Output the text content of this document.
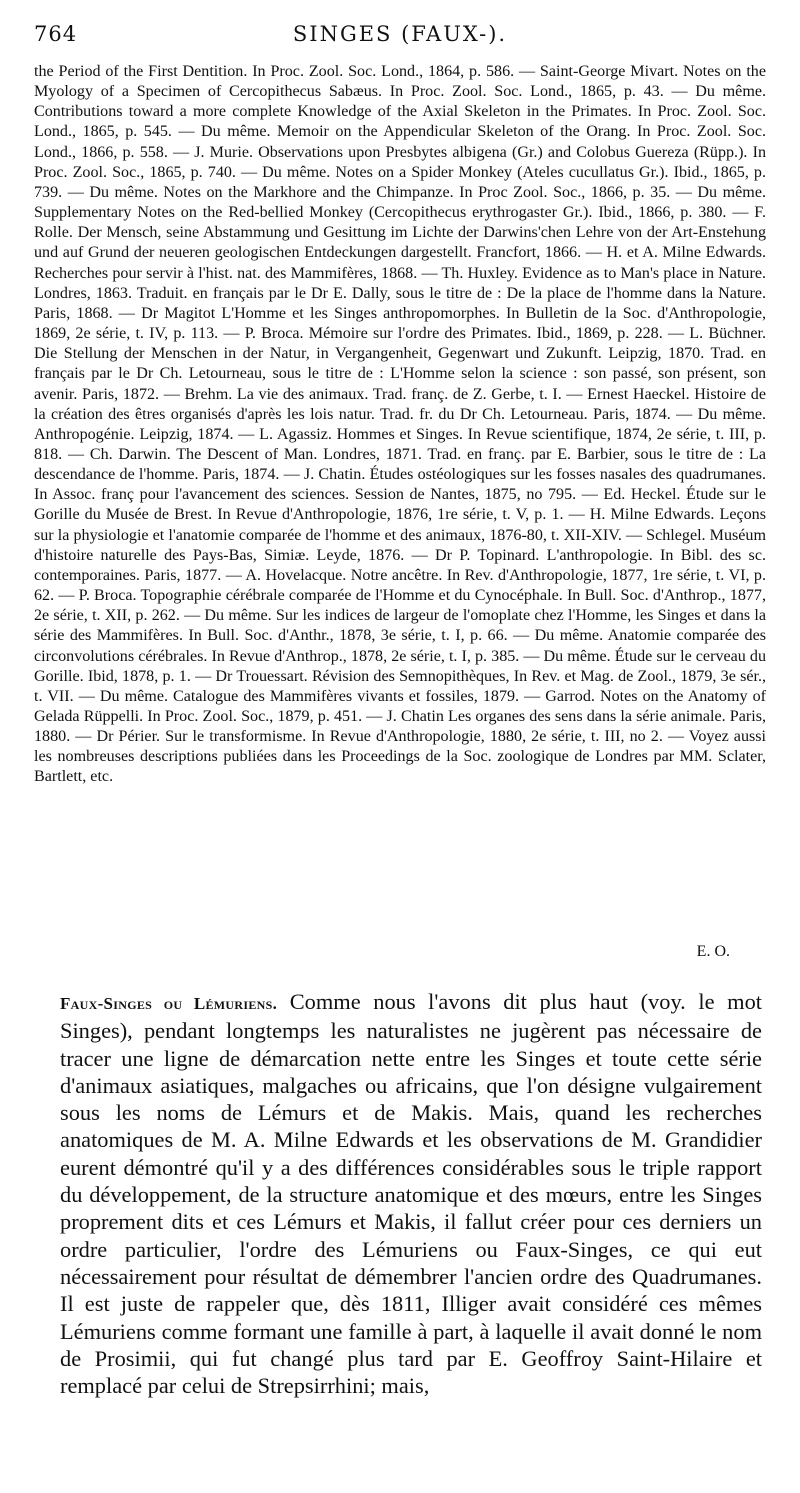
764	SINGES (FAUX-).

the Period of the First Dentition. In Proc. Zool. Soc. Lond., 1864, p. 586. — Saint-George Mivart. Notes on the Myology of a Specimen of Cercopithecus Sabæus. In Proc. Zool. Soc. Lond., 1865, p. 43. — Du même. Contributions toward a more complete Knowledge of the Axial Skeleton in the Primates. In Proc. Zool. Soc. Lond., 1865, p. 545. — Du même. Memoir on the Appendicular Skeleton of the Orang. In Proc. Zool. Soc. Lond., 1866, p. 558. — J. Murie. Observations upon Presbytes albigena (Gr.) and Colobus Guereza (Rüpp.). In Proc. Zool. Soc., 1865, p. 740. — Du même. Notes on a Spider Monkey (Ateles cucullatus Gr.). Ibid., 1865, p. 739. — Du même. Notes on the Markhore and the Chimpanze. In Proc Zool. Soc., 1866, p. 35. — Du même. Supplementary Notes on the Red-bellied Monkey (Cercopithecus erythrogaster Gr.). Ibid., 1866, p. 380. — F. Rolle. Der Mensch, seine Abstammung und Gesittung im Lichte der Darwins'chen Lehre von der Art-Enstehung und auf Grund der neueren geologischen Entdeckungen dargestellt. Francfort, 1866. — H. et A. Milne Edwards. Recherches pour servir à l'hist. nat. des Mammifères, 1868. — Th. Huxley. Evidence as to Man's place in Nature. Londres, 1863. Traduit. en français par le Dr E. Dally, sous le titre de : De la place de l'homme dans la Nature. Paris, 1868. — Dr Magitot L'Homme et les Singes anthropomorphes. In Bulletin de la Soc. d'Anthropologie, 1869, 2e série, t. IV, p. 113. — P. Broca. Mémoire sur l'ordre des Primates. Ibid., 1869, p. 228. — L. Büchner. Die Stellung der Menschen in der Natur, in Vergangenheit, Gegenwart und Zukunft. Leipzig, 1870. Trad. en français par le Dr Ch. Letourneau, sous le titre de : L'Homme selon la science : son passé, son présent, son avenir. Paris, 1872. — Brehm. La vie des animaux. Trad. franç. de Z. Gerbe, t. I. — Ernest Haeckel. Histoire de la création des êtres organisés d'après les lois natur. Trad. fr. du Dr Ch. Letourneau. Paris, 1874. — Du même. Anthropogénie. Leipzig, 1874. — L. Agassiz. Hommes et Singes. In Revue scientifique, 1874, 2e série, t. III, p. 818. — Ch. Darwin. The Descent of Man. Londres, 1871. Trad. en franç. par E. Barbier, sous le titre de : La descendance de l'homme. Paris, 1874. — J. Chatin. Études ostéologiques sur les fosses nasales des quadrumanes. In Assoc. franç pour l'avancement des sciences. Session de Nantes, 1875, no 795. — Ed. Heckel. Étude sur le Gorille du Musée de Brest. In Revue d'Anthropologie, 1876, 1re série, t. V, p. 1. — H. Milne Edwards. Leçons sur la physiologie et l'anatomie comparée de l'homme et des animaux, 1876-80, t. XII-XIV. — Schlegel. Muséum d'histoire naturelle des Pays-Bas, Simiæ. Leyde, 1876. — Dr P. Topinard. L'anthropologie. In Bibl. des sc. contemporaines. Paris, 1877. — A. Hovelacque. Notre ancêtre. In Rev. d'Anthropologie, 1877, 1re série, t. VI, p. 62. — P. Broca. Topographie cérébrale comparée de l'Homme et du Cynocéphale. In Bull. Soc. d'Anthrop., 1877, 2e série, t. XII, p. 262. — Du même. Sur les indices de largeur de l'omoplate chez l'Homme, les Singes et dans la série des Mammifères. In Bull. Soc. d'Anthr., 1878, 3e série, t. I, p. 66. — Du même. Anatomie comparée des circonvolutions cérébrales. In Revue d'Anthrop., 1878, 2e série, t. I, p. 385. — Du même. Étude sur le cerveau du Gorille. Ibid, 1878, p. 1. — Dr Trouessart. Révision des Semnopithèques, In Rev. et Mag. de Zool., 1879, 3e sér., t. VII. — Du même. Catalogue des Mammifères vivants et fossiles, 1879. — Garrod. Notes on the Anatomy of Gelada Rüppelli. In Proc. Zool. Soc., 1879, p. 451. — J. Chatin Les organes des sens dans la série animale. Paris, 1880. — Dr Périer. Sur le transformisme. In Revue d'Anthropologie, 1880, 2e série, t. III, no 2. — Voyez aussi les nombreuses descriptions publiées dans les Proceedings de la Soc. zoologique de Londres par MM. Sclater, Bartlett, etc.

E. O.

Faux-Singes ou Lémuriens. Comme nous l'avons dit plus haut (voy. le mot Singes), pendant longtemps les naturalistes ne jugèrent pas nécessaire de tracer une ligne de démarcation nette entre les Singes et toute cette série d'animaux asiatiques, malgaches ou africains, que l'on désigne vulgairement sous les noms de Lémurs et de Makis. Mais, quand les recherches anatomiques de M. A. Milne Edwards et les observations de M. Grandidier eurent démontré qu'il y a des différences considérables sous le triple rapport du développement, de la structure anatomique et des mœurs, entre les Singes proprement dits et ces Lémurs et Makis, il fallut créer pour ces derniers un ordre particulier, l'ordre des Lémuriens ou Faux-Singes, ce qui eut nécessairement pour résultat de démembrer l'ancien ordre des Quadrumanes. Il est juste de rappeler que, dès 1811, Illiger avait considéré ces mêmes Lémuriens comme formant une famille à part, à laquelle il avait donné le nom de Prosimii, qui fut changé plus tard par E. Geoffroy Saint-Hilaire et remplacé par celui de Strepsirrhini; mais,
